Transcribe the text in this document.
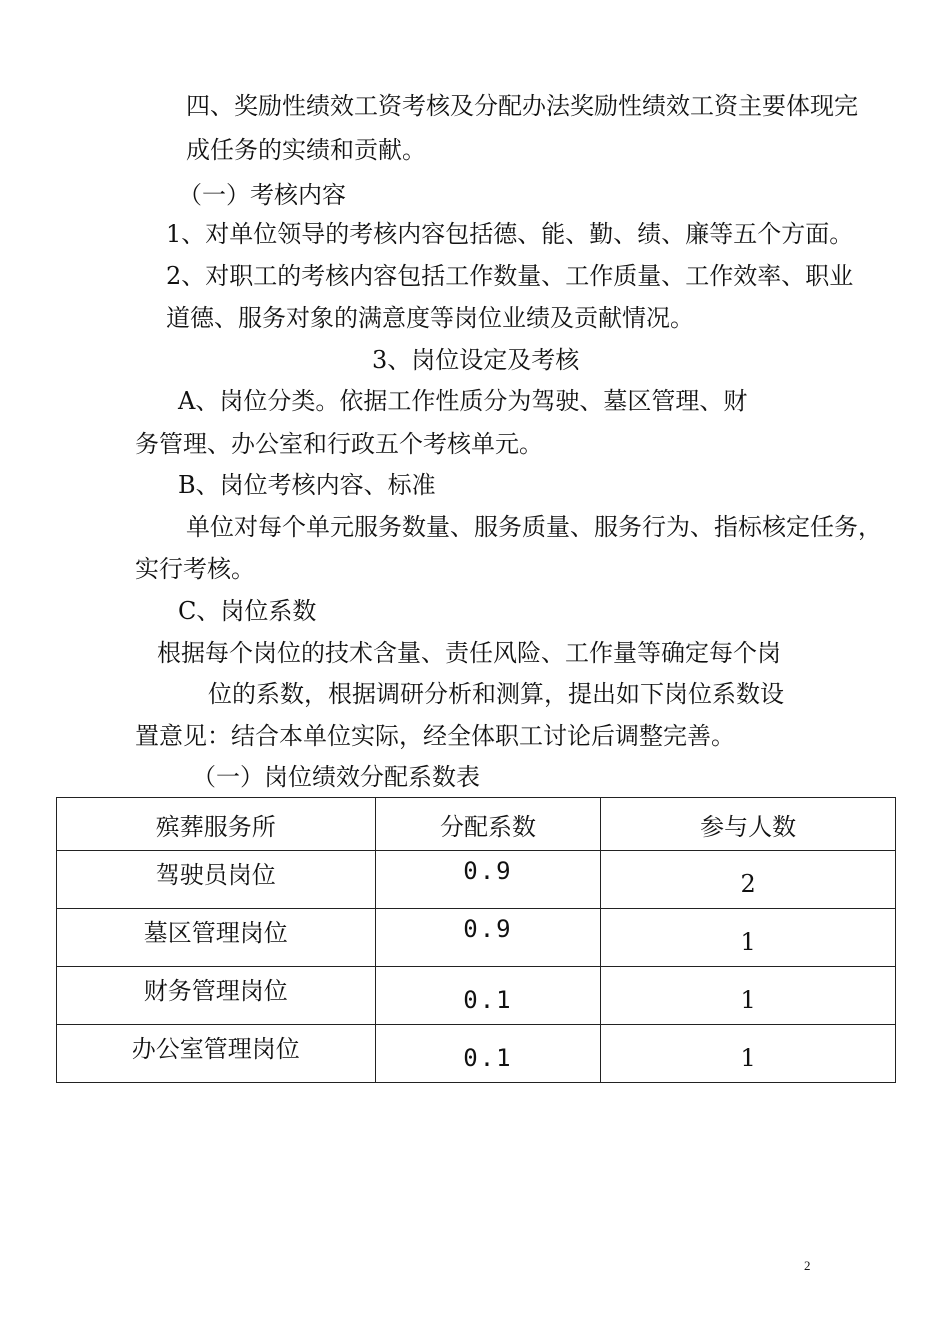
四、奖励性绩效工资考核及分配办法奖励性绩效工资主要体现完
成任务的实绩和贡献。
（一）考核内容
1、对单位领导的考核内容包括德、能、勤、绩、廉等五个方面。
2、对职工的考核内容包括工作数量、工作质量、工作效率、职业
道德、服务对象的满意度等岗位业绩及贡献情况。
3、岗位设定及考核
A、岗位分类。依据工作性质分为驾驶、墓区管理、财
务管理、办公室和行政五个考核单元。
B、岗位考核内容、标准
单位对每个单元服务数量、服务质量、服务行为、指标核定任务，
实行考核。
C、岗位系数
根据每个岗位的技术含量、责任风险、工作量等确定每个岗
位的系数，根据调研分析和测算，提出如下岗位系数设
置意见：结合本单位实际，经全体职工讨论后调整完善。
（一）岗位绩效分配系数表
殡葬服务所	分配系数	参与人数
驾驶员岗位	0.9	2
墓区管理岗位	0.9	1
财务管理岗位	0.1	1
办公室管理岗位	0.1	1
2
